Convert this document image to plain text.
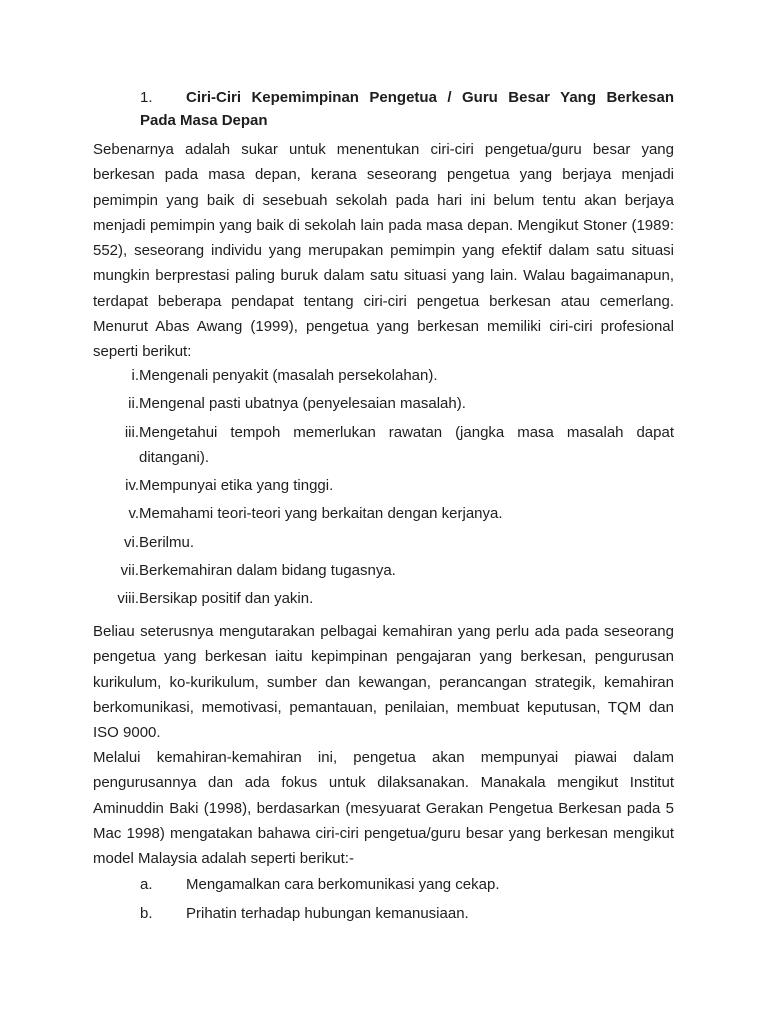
1.	Ciri-Ciri Kepemimpinan Pengetua / Guru Besar Yang Berkesan
Pada Masa Depan

Sebenarnya adalah sukar untuk menentukan ciri-ciri pengetua/guru besar yang berkesan pada masa depan, kerana seseorang pengetua yang berjaya menjadi pemimpin yang baik di sesebuah sekolah pada hari ini belum tentu akan berjaya menjadi pemimpin yang baik di sekolah lain pada masa depan. Mengikut Stoner (1989: 552), seseorang individu yang merupakan pemimpin yang efektif dalam satu situasi mungkin berprestasi paling buruk dalam satu situasi yang lain. Walau bagaimanapun, terdapat beberapa pendapat tentang ciri-ciri pengetua berkesan atau cemerlang. Menurut Abas Awang (1999), pengetua yang berkesan memiliki ciri-ciri profesional seperti berikut:

i. Mengenali penyakit (masalah persekolahan).
ii. Mengenal pasti ubatnya (penyelesaian masalah).
iii. Mengetahui tempoh memerlukan rawatan (jangka masa masalah dapat ditangani).
iv. Mempunyai etika yang tinggi.
v. Memahami teori-teori yang berkaitan dengan kerjanya.
vi. Berilmu.
vii. Berkemahiran dalam bidang tugasnya.
viii. Bersikap positif dan yakin.

Beliau seterusnya mengutarakan pelbagai kemahiran yang perlu ada pada seseorang pengetua yang berkesan iaitu kepimpinan pengajaran yang berkesan, pengurusan kurikulum, ko-kurikulum, sumber dan kewangan, perancangan strategik, kemahiran berkomunikasi, memotivasi, pemantauan, penilaian, membuat keputusan, TQM dan ISO 9000.

Melalui kemahiran-kemahiran ini, pengetua akan mempunyai piawai dalam pengurusannya dan ada fokus untuk dilaksanakan. Manakala mengikut Institut Aminuddin Baki (1998), berdasarkan (mesyuarat Gerakan Pengetua Berkesan pada 5 Mac 1998) mengatakan bahawa ciri-ciri pengetua/guru besar yang berkesan mengikut model Malaysia adalah seperti berikut:-

a. Mengamalkan cara berkomunikasi yang cekap.
b. Prihatin terhadap hubungan kemanusiaan.
